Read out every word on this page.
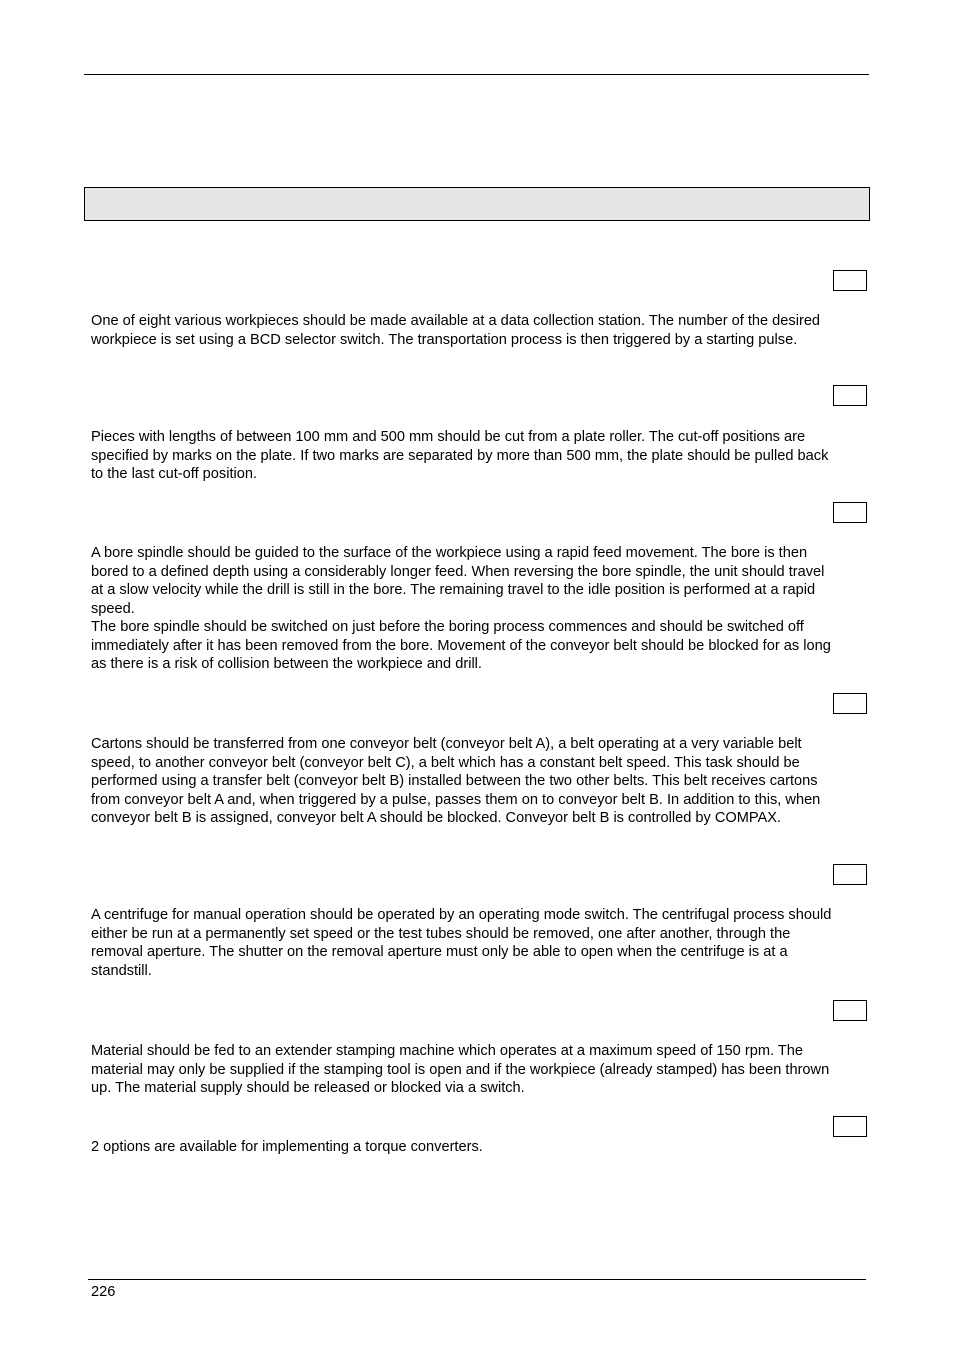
One of eight various workpieces should be made available at a data collection station. The number of the desired workpiece is set using a BCD selector switch. The transportation process is then triggered by a starting pulse.

Pieces with lengths of between 100 mm and 500 mm should be cut from a plate roller. The cut-off positions are specified by marks on the plate. If two marks are separated by more than 500 mm, the plate should be pulled back to the last cut-off position.

A bore spindle should be guided to the surface of the workpiece using a rapid feed movement. The bore is then bored to a defined depth using a considerably longer feed. When reversing the bore spindle, the unit should travel at a slow velocity while the drill is still in the bore. The remaining travel to the idle position is performed at a rapid speed.
The bore spindle should be switched on just before the boring process commences and should be switched off immediately after it has been removed from the bore. Movement of the conveyor belt should be blocked for as long as there is a risk of collision between the workpiece and drill.

Cartons should be transferred from one conveyor belt (conveyor belt A), a belt operating at a very variable belt speed, to another conveyor belt (conveyor belt C), a belt which has a constant belt speed. This task should be performed using a transfer belt (conveyor belt B) installed between the two other belts. This belt receives cartons from conveyor belt A and, when triggered by a pulse, passes them on to conveyor belt B. In addition to this, when conveyor belt B is assigned, conveyor belt A should be blocked. Conveyor belt B is controlled by COMPAX.

A centrifuge for manual operation should be operated by an operating mode switch. The centrifugal process should either be run at a permanently set speed or the test tubes should be removed, one after another, through the removal aperture. The shutter on the removal aperture must only be able to open when the centrifuge is at a standstill.

Material should be fed to an extender stamping machine which operates at a maximum speed of 150 rpm. The material may only be supplied if the stamping tool is open and if the workpiece (already stamped) has been thrown up. The material supply should be released or blocked via a switch.

2 options are available for implementing a torque converters.

226
